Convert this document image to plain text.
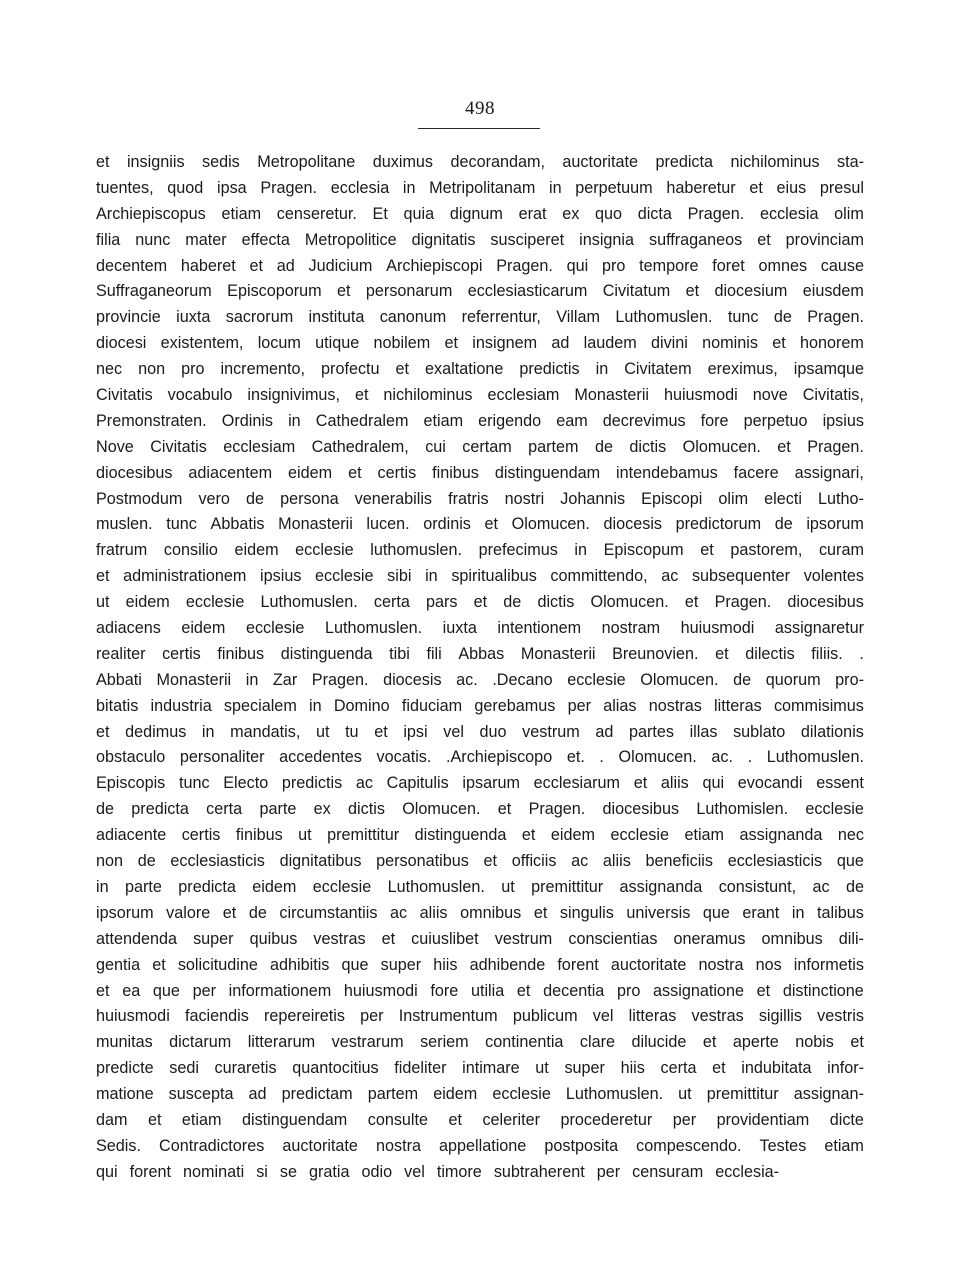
498
et insigniis sedis Metropolitane duximus decorandam, auctoritate predicta nichilominus sta-
tuentes, quod ipsa Pragen. ecclesia in Metripolitanam in perpetuum haberetur et eius presul
Archiepiscopus etiam censeretur. Et quia dignum erat ex quo dicta Pragen. ecclesia olim
filia nunc mater effecta Metropolitice dignitatis susciperet insignia suffraganeos et provinciam
decentem haberet et ad Judicium Archiepiscopi Pragen. qui pro tempore foret omnes cause
Suffraganeorum Episcoporum et personarum ecclesiasticarum Civitatum et diocesium eiusdem
provincie iuxta sacrorum instituta canonum referrentur, Villam Luthomuslen. tunc de Pragen.
diocesi existentem, locum utique nobilem et insignem ad laudem divini nominis et honorem
nec non pro incremento, profectu et exaltatione predictis in Civitatem ereximus, ipsamque
Civitatis vocabulo insignivimus, et nichilominus ecclesiam Monasterii huiusmodi nove Civitatis,
Premonstraten. Ordinis in Cathedralem etiam erigendo eam decrevimus fore perpetuo ipsius
Nove Civitatis ecclesiam Cathedralem, cui certam partem de dictis Olomucen. et Pragen.
diocesibus adiacentem eidem et certis finibus distinguendam intendebamus facere assignari,
Postmodum vero de persona venerabilis fratris nostri Johannis Episcopi olim electi Lutho-
muslen. tunc Abbatis Monasterii lucen. ordinis et Olomucen. diocesis predictorum de ipsorum
fratrum consilio eidem ecclesie luthomuslen. prefecimus in Episcopum et pastorem, curam
et administrationem ipsius ecclesie sibi in spiritualibus committendo, ac subsequenter volentes
ut eidem ecclesie Luthomuslen. certa pars et de dictis Olomucen. et Pragen. diocesibus
adiacens eidem ecclesie Luthomuslen. iuxta intentionem nostram huiusmodi assignaretur
realiter certis finibus distinguenda tibi fili Abbas Monasterii Breunovien. et dilectis filiis. .
Abbati Monasterii in Zar Pragen. diocesis ac. .Decano ecclesie Olomucen. de quorum pro-
bitatis industria specialem in Domino fiduciam gerebamus per alias nostras litteras commisimus
et dedimus in mandatis, ut tu et ipsi vel duo vestrum ad partes illas sublato dilationis
obstaculo personaliter accedentes vocatis. .Archiepiscopo et. . Olomucen. ac. . Luthomuslen.
Episcopis tunc Electo predictis ac Capitulis ipsarum ecclesiarum et aliis qui evocandi essent
de predicta certa parte ex dictis Olomucen. et Pragen. diocesibus Luthomislen. ecclesie
adiacente certis finibus ut premittitur distinguenda et eidem ecclesie etiam assignanda nec
non de ecclesiasticis dignitatibus personatibus et officiis ac aliis beneficiis ecclesiasticis que
in parte predicta eidem ecclesie Luthomuslen. ut premittitur assignanda consistunt, ac de
ipsorum valore et de circumstantiis ac aliis omnibus et singulis universis que erant in talibus
attendenda super quibus vestras et cuiuslibet vestrum conscientias oneramus omnibus dili-
gentia et solicitudine adhibitis que super hiis adhibende forent auctoritate nostra nos informetis
et ea que per informationem huiusmodi fore utilia et decentia pro assignatione et distinctione
huiusmodi faciendis repereiretis per Instrumentum publicum vel litteras vestras sigillis vestris
munitas dictarum litterarum vestrarum seriem continentia clare dilucide et aperte nobis et
predicte sedi curaretis quantocitius fideliter intimare ut super hiis certa et indubitata infor-
matione suscepta ad predictam partem eidem ecclesie Luthomuslen. ut premittitur assignan-
dam et etiam distinguendam consulte et celeriter procederetur per providentiam dicte
Sedis. Contradictores auctoritate nostra appellatione postposita compescendo. Testes etiam
qui forent nominati si se gratia odio vel timore subtraherent per censuram ecclesia-
